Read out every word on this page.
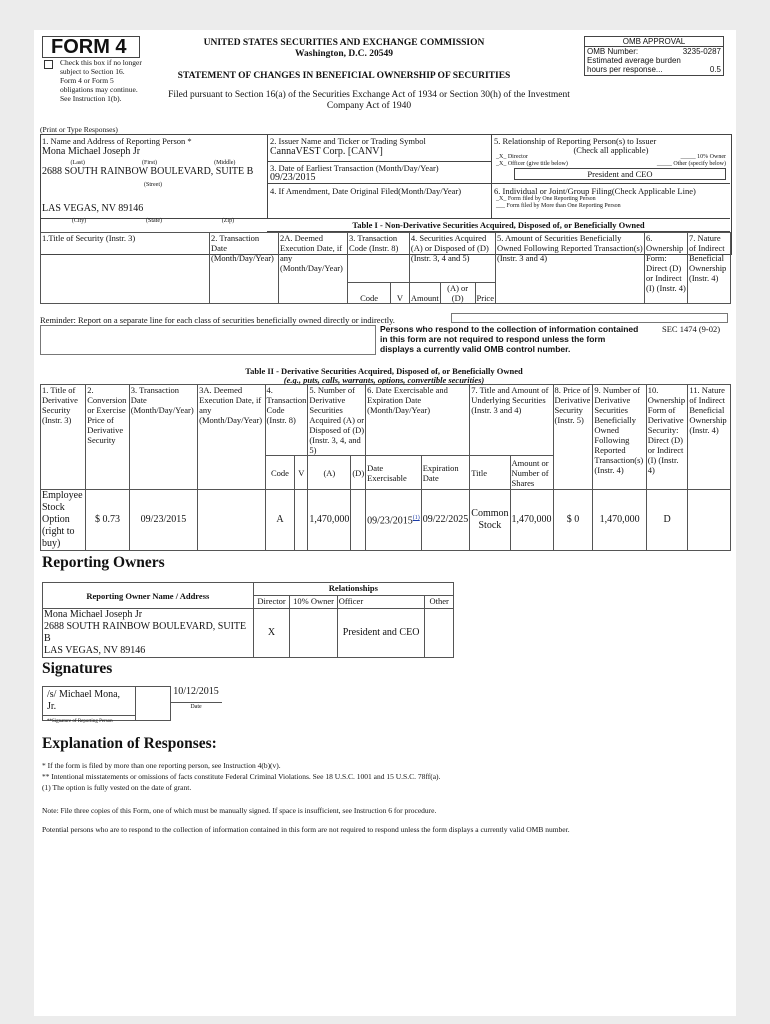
FORM 4
Check this box if no longer subject to Section 16. Form 4 or Form 5 obligations may continue. See Instruction 1(b).
UNITED STATES SECURITIES AND EXCHANGE COMMISSION
Washington, D.C. 20549
STATEMENT OF CHANGES IN BENEFICIAL OWNERSHIP OF SECURITIES
Filed pursuant to Section 16(a) of the Securities Exchange Act of 1934 or Section 30(h) of the Investment Company Act of 1940
OMB APPROVAL
OMB Number:	3235-0287
Estimated average burden
hours per response...	0.5
(Print or Type Responses)
1. Name and Address of Reporting Person *
Mona Michael Joseph Jr
(Last)	(First)	(Middle)
2688 SOUTH RAINBOW BOULEVARD, SUITE B
(Street)
LAS VEGAS, NV 89146
(City)	(State)	(Zip)
2. Issuer Name and Ticker or Trading Symbol
CannaVEST Corp. [CANV]
3. Date of Earliest Transaction (Month/Day/Year)
09/23/2015
4. If Amendment, Date Original Filed(Month/Day/Year)
5. Relationship of Reporting Person(s) to Issuer
(Check all applicable)
_X_ Director	_____ 10% Owner
_X_ Officer (give title below)	_____ Other (specify below)
President and CEO
6. Individual or Joint/Group Filing(Check Applicable Line)
_X_ Form filed by One Reporting Person
___ Form filed by More than One Reporting Person
Table I - Non-Derivative Securities Acquired, Disposed of, or Beneficially Owned
1.Title of Security (Instr. 3)	2. Transaction Date (Month/Day/Year)	2A. Deemed Execution Date, if any (Month/Day/Year)	3. Transaction Code (Instr. 8)		4. Securities Acquired (A) or Disposed of (D) (Instr. 3, 4 and 5)			5. Amount of Securities Beneficially Owned Following Reported Transaction(s) (Instr. 3 and 4)	6. Ownership Form: Direct (D) or Indirect (I) (Instr. 4)	7. Nature of Indirect Beneficial Ownership (Instr. 4)
			Code	V	Amount	(A) or (D)	Price			
Reminder: Report on a separate line for each class of securities beneficially owned directly or indirectly.
Persons who respond to the collection of information contained in this form are not required to respond unless the form displays a currently valid OMB control number.
SEC 1474 (9-02)
Table II - Derivative Securities Acquired, Disposed of, or Beneficially Owned
(e.g., puts, calls, warrants, options, convertible securities)
1. Title of Derivative Security (Instr. 3)	2. Conversion or Exercise Price of Derivative Security	3. Transaction Date (Month/Day/Year)	3A. Deemed Execution Date, if any (Month/Day/Year)	4. Transaction Code (Instr. 8)		5. Number of Derivative Securities Acquired (A) or Disposed of (D) (Instr. 3, 4, and 5)		6. Date Exercisable and Expiration Date (Month/Day/Year)		7. Title and Amount of Underlying Securities (Instr. 3 and 4)		8. Price of Derivative Security (Instr. 5)	9. Number of Derivative Securities Beneficially Owned Following Reported Transaction(s) (Instr. 4)	10. Ownership Form of Derivative Security: Direct (D) or Indirect (I) (Instr. 4)	11. Nature of Indirect Beneficial Ownership (Instr. 4)
				Code	V	(A)	(D)	Date Exercisable	Expiration Date	Title	Amount or Number of Shares				
Employee Stock Option (right to buy)	$ 0.73	09/23/2015		A		1,470,000		09/23/2015$^{(1)}$	09/22/2025	Common Stock	1,470,000	$ 0	1,470,000	D	
Reporting Owners
Reporting Owner Name / Address	Relationships			
	Director	10% Owner	Officer	Other

Mona Michael Joseph Jr
2688 SOUTH RAINBOW BOULEVARD, SUITE B
LAS VEGAS, NV 89146	X		President and CEO	
Signatures
/s/ Michael Mona, Jr.
**Signature of Reporting Person
10/12/2015
Date
Explanation of Responses:
* If the form is filed by more than one reporting person, see Instruction 4(b)(v).
** Intentional misstatements or omissions of facts constitute Federal Criminal Violations. See 18 U.S.C. 1001 and 15 U.S.C. 78ff(a).
(1) The option is fully vested on the date of grant.
Note: File three copies of this Form, one of which must be manually signed. If space is insufficient, see Instruction 6 for procedure.
Potential persons who are to respond to the collection of information contained in this form are not required to respond unless the form displays a currently valid OMB number.
